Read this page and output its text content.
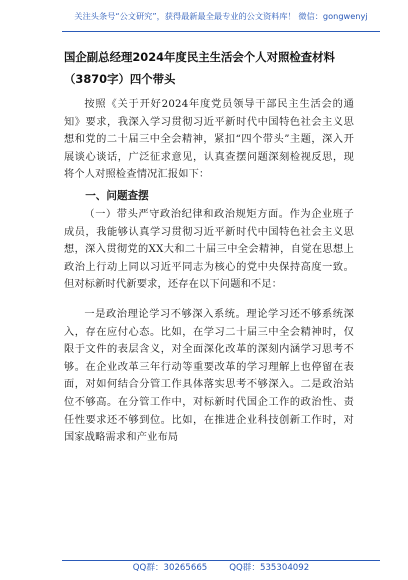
关注头条号“公文研究”，获得最新最全最专业的公文资料库！ 微信：gongwenyj
国企副总经理2024年度民主生活会个人对照检查材料
（3870字）四个带头

按照《关于开好2024年度党员领导干部民主生活会的通知》要求，我深入学习贯彻习近平新时代中国特色社会主义思想和党的二十届三中全会精神，紧扣“四个带头”主题，深入开展谈心谈话，广泛征求意见，认真查摆问题深刻检视反思，现将个人对照检查情况汇报如下：

一、问题查摆

（一）带头严守政治纪律和政治规矩方面。作为企业班子成员，我能够认真学习贯彻习近平新时代中国特色社会主义思想，深入贯彻党的XX大和二十届三中全会精神，自觉在思想上政治上行动上同以习近平同志为核心的党中央保持高度一致。但对标新时代新要求，还存在以下问题和不足：

一是政治理论学习不够深入系统。理论学习还不够系统深入，存在应付心态。比如，在学习二十届三中全会精神时，仅限于文件的表层含义，对全面深化改革的深刻内涵学习思考不够。在企业改革三年行动等重要改革的学习理解上也停留在表面，对如何结合分管工作具体落实思考不够深入。二是政治站位不够高。在分管工作中，对标新时代国企工作的政治性、责任性要求还不够到位。比如，在推进企业科技创新工作时，对国家战略需求和产业布局

QQ群：30265665	QQ群：535304092
